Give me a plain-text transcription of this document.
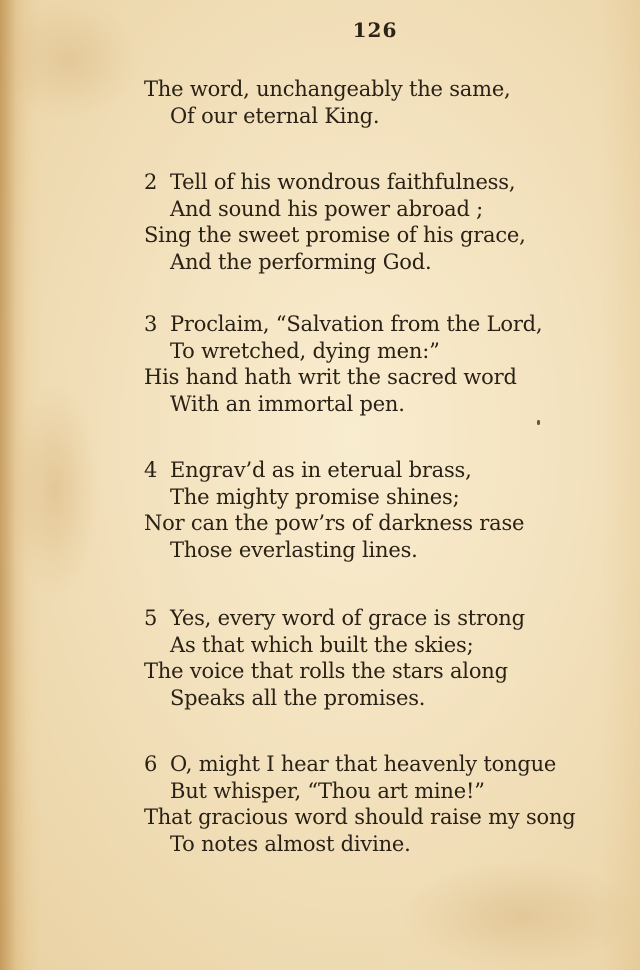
126
The word, unchangeably the same,
Of our eternal King.
2 Tell of his wondrous faithfulness,
And sound his power abroad ;
Sing the sweet promise of his grace,
And the performing God.
3 Proclaim, “Salvation from the Lord,
To wretched, dying men:”
His hand hath writ the sacred word
With an immortal pen.
4 Engrav’d as in eterual brass,
The mighty promise shines;
Nor can the pow’rs of darkness rase
Those everlasting lines.
5 Yes, every word of grace is strong
As that which built the skies;
The voice that rolls the stars along
Speaks all the promises.
6 O, might I hear that heavenly tongue
But whisper, “Thou art mine!”
That gracious word should raise my song
To notes almost divine.
